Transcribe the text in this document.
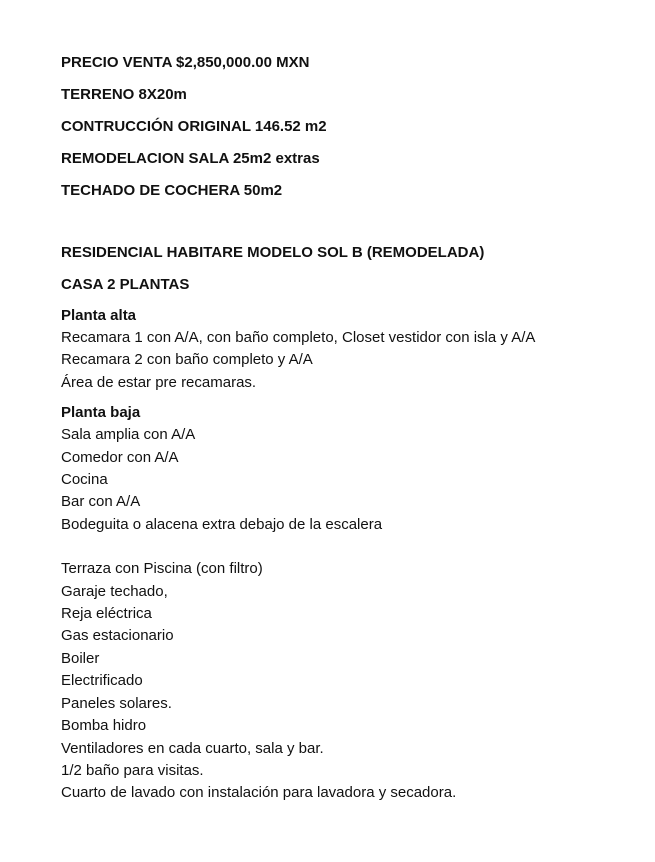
PRECIO VENTA $2,850,000.00 MXN

TERRENO 8X20m

CONTRUCCIÓN ORIGINAL 146.52 m2

REMODELACION SALA 25m2 extras

TECHADO DE COCHERA 50m2

RESIDENCIAL HABITARE MODELO SOL B (REMODELADA)

CASA 2 PLANTAS

Planta alta

Recamara 1 con A/A, con baño completo, Closet vestidor con isla y A/A

Recamara 2 con baño completo y A/A

Área de estar pre recamaras.

Planta baja

Sala amplia con A/A

Comedor con A/A

Cocina

Bar con A/A

Bodeguita o alacena extra debajo de la escalera

Terraza con Piscina (con filtro)

Garaje techado,

Reja eléctrica

Gas estacionario

Boiler

Electrificado

Paneles solares.

Bomba hidro

Ventiladores en cada cuarto, sala y bar.

1/2 baño para visitas.

Cuarto de lavado con instalación para lavadora y secadora.
